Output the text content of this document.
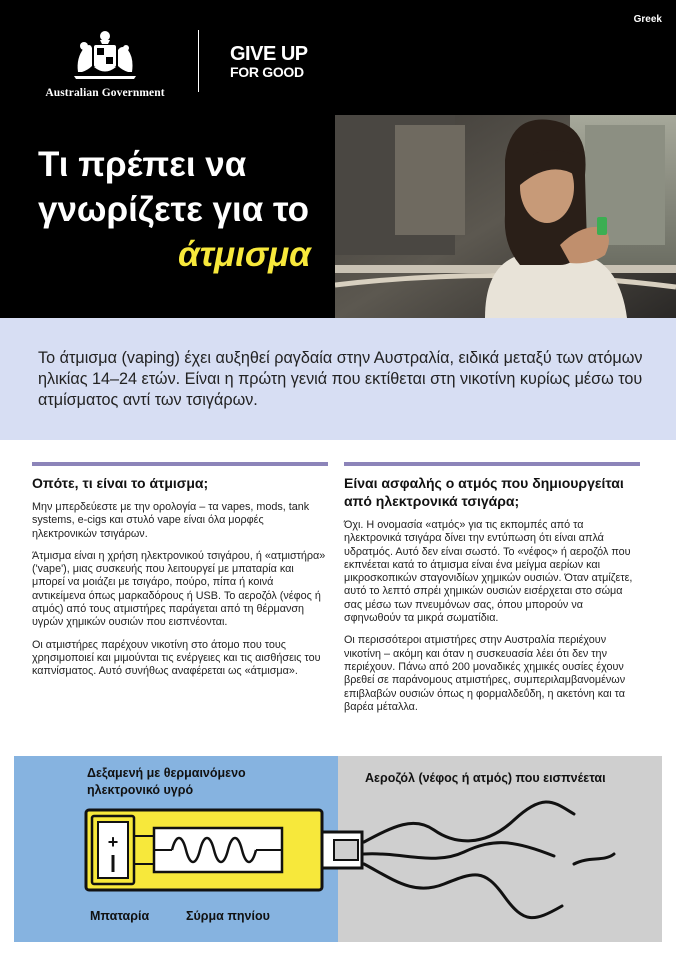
Greek
Australian Government
GIVE UP
FOR GOOD
Τι πρέπει να
γνωρίζετε για το
άτμισμα

Το άτμισμα (vaping) έχει αυξηθεί ραγδαία στην Αυστραλία, ειδικά μεταξύ των ατόμων ηλικίας 14–24 ετών. Είναι η πρώτη γενιά που εκτίθεται στη νικοτίνη κυρίως μέσω του ατμίσματος αντί των τσιγάρων.

Οπότε, τι είναι το άτμισμα;

Μην μπερδεύεστε με την ορολογία – τα vapes, mods, tank systems, e-cigs και στυλό vape είναι όλα μορφές ηλεκτρονικών τσιγάρων.

Άτμισμα είναι η χρήση ηλεκτρονικού τσιγάρου, ή «ατμιστήρα» ('vape'), μιας συσκευής που λειτουργεί με μπαταρία και μπορεί να μοιάζει με τσιγάρο, πούρο, πίπα ή κοινά αντικείμενα όπως μαρκαδόρους ή USB. Το αεροζόλ (νέφος ή ατμός) από τους ατμιστήρες παράγεται από τη θέρμανση υγρών χημικών ουσιών που εισπνέονται.

Οι ατμιστήρες παρέχουν νικοτίνη στο άτομο που τους χρησιμοποιεί και μιμούνται τις ενέργειες και τις αισθήσεις του καπνίσματος. Αυτό συνήθως αναφέρεται ως «άτμισμα».

Είναι ασφαλής ο ατμός που δημιουργείται από ηλεκτρονικά τσιγάρα;

Όχι. Η ονομασία «ατμός» για τις εκπομπές από τα ηλεκτρονικά τσιγάρα δίνει την εντύπωση ότι είναι απλά υδρατμός. Αυτό δεν είναι σωστό. Το «νέφος» ή αεροζόλ που εκπνέεται κατά το άτμισμα είναι ένα μείγμα αερίων και μικροσκοπικών σταγονιδίων χημικών ουσιών. Όταν ατμίζετε, αυτό το λεπτό σπρέι χημικών ουσιών εισέρχεται στο σώμα σας μέσω των πνευμόνων σας, όπου μπορούν να σφηνωθούν τα μικρά σωματίδια.

Οι περισσότεροι ατμιστήρες στην Αυστραλία περιέχουν νικοτίνη – ακόμη και όταν η συσκευασία λέει ότι δεν την περιέχουν. Πάνω από 200 μοναδικές χημικές ουσίες έχουν βρεθεί σε παράνομους ατμιστήρες, συμπεριλαμβανομένων επιβλαβών ουσιών όπως η φορμαλδεΰδη, η ακετόνη και τα βαρέα μέταλλα.

+
Δεξαμενή με θερμαινόμενο ηλεκτρονικό υγρό
Αεροζόλ (νέφος ή ατμός) που εισπνέεται
Μπαταρία	Σύρμα πηνίου
